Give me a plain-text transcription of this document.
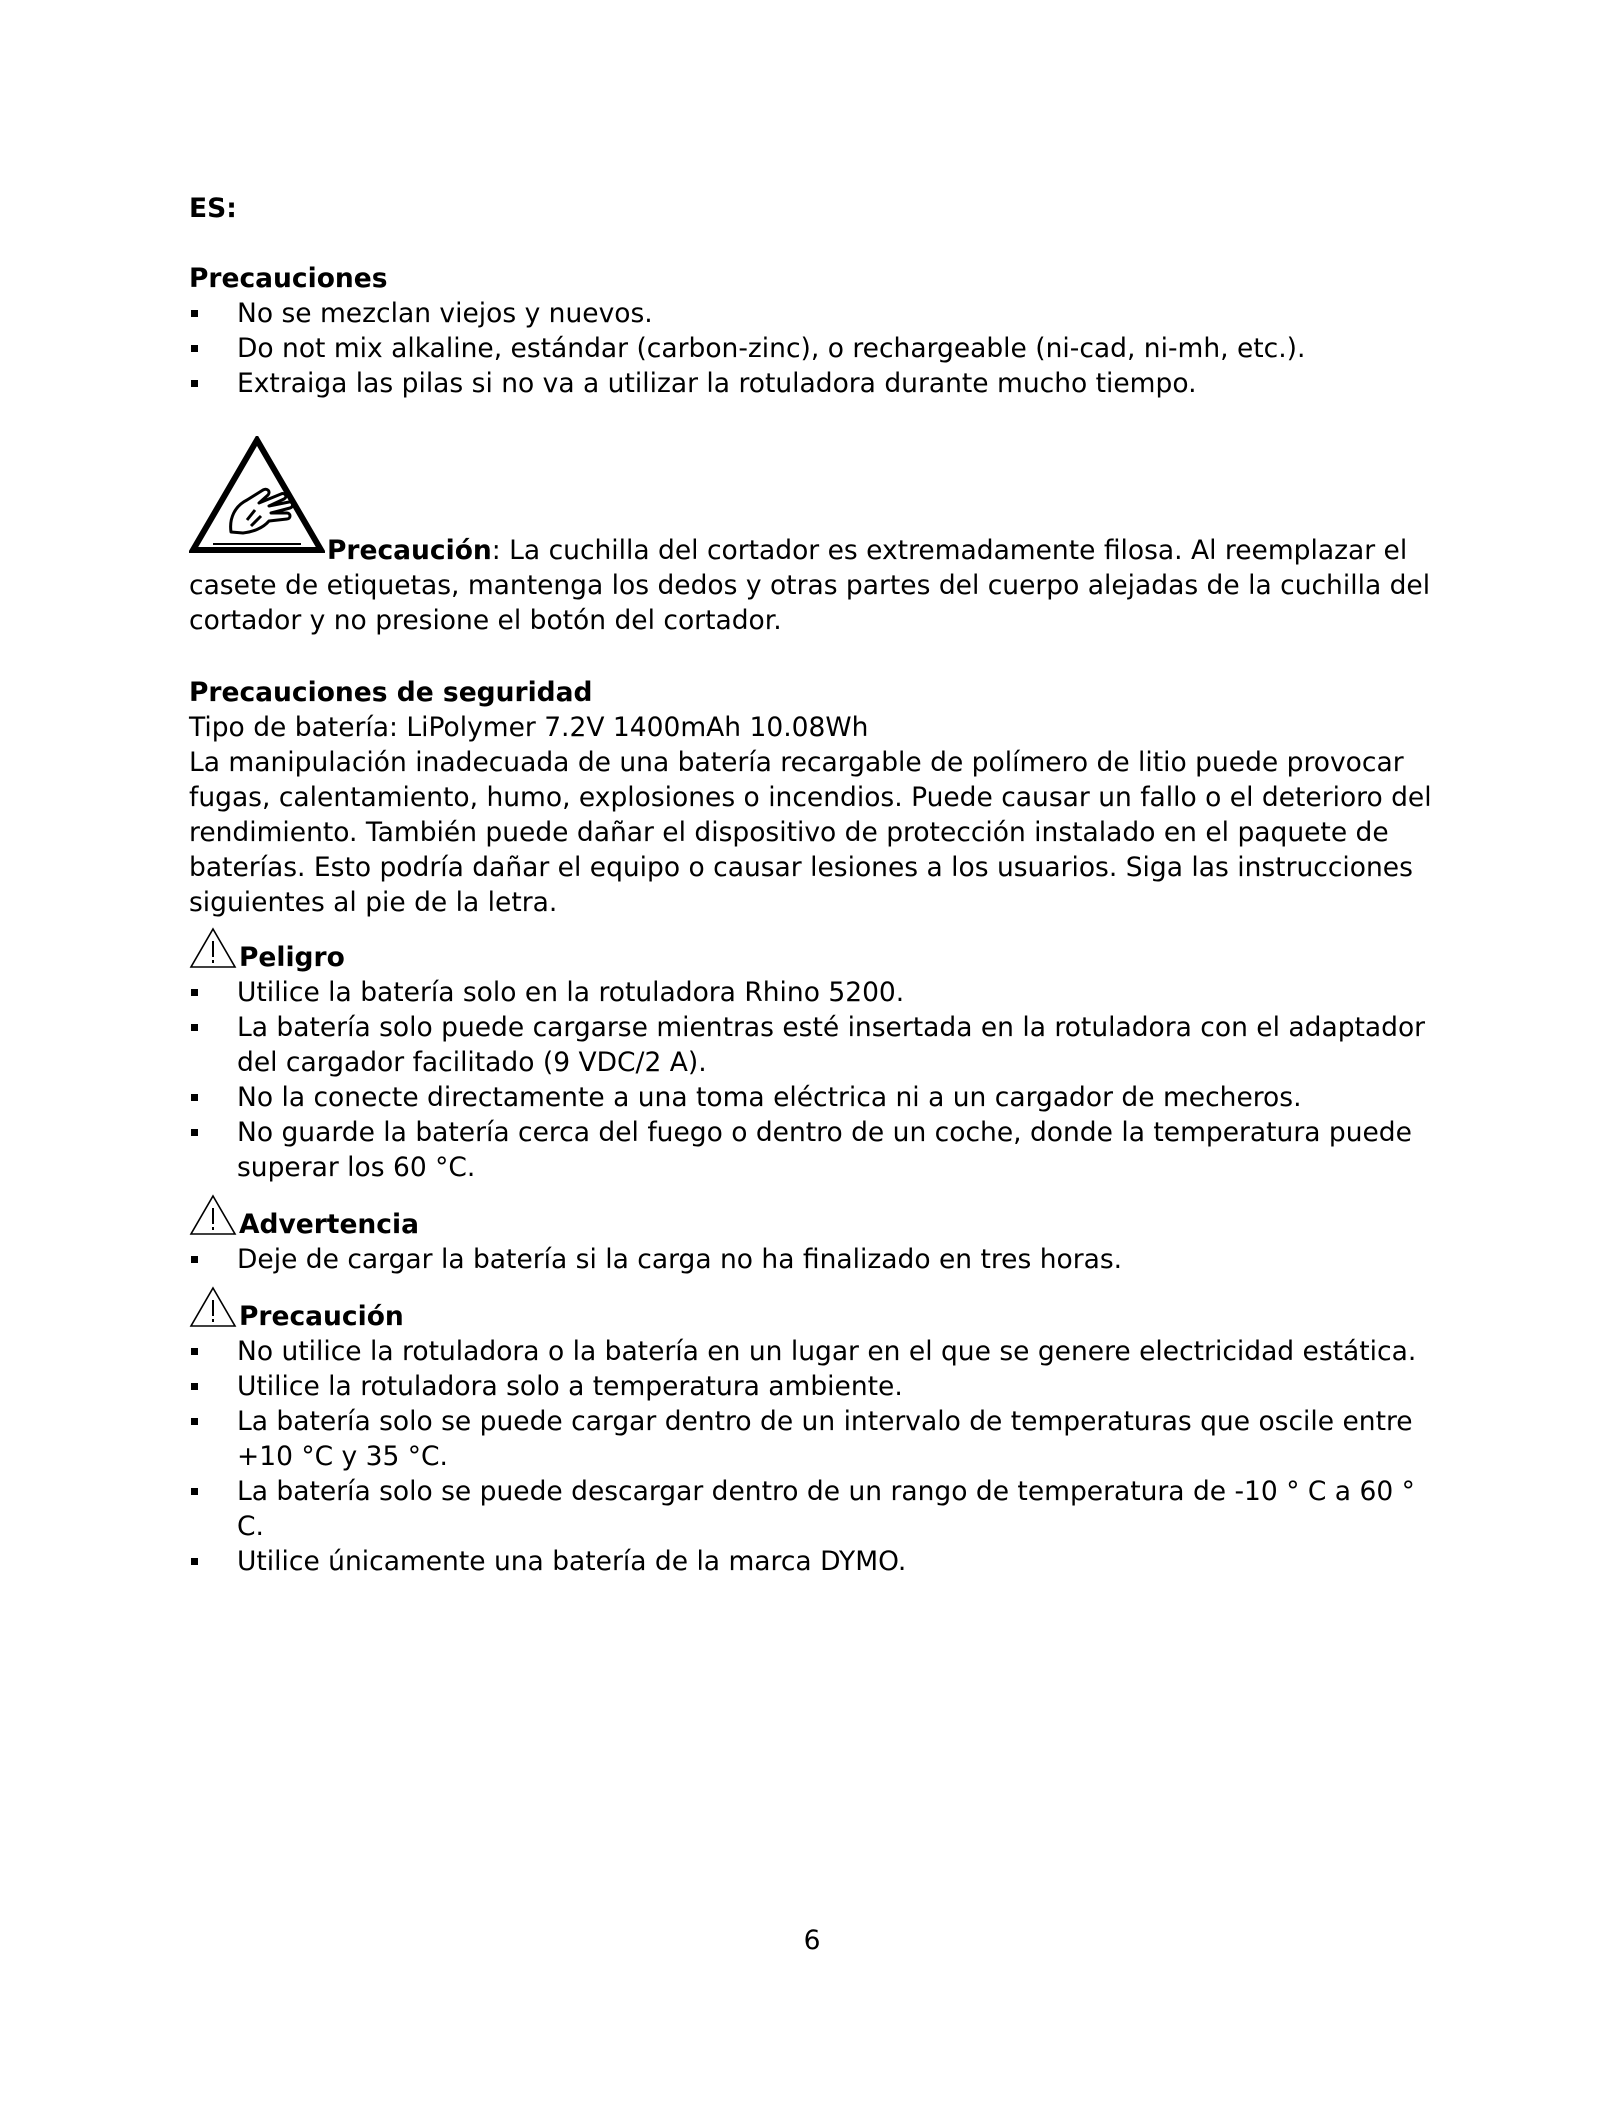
ES:
Precauciones
No se mezclan viejos y nuevos.
Do not mix alkaline, estándar (carbon-zinc), o rechargeable (ni-cad, ni-mh, etc.).
Extraiga las pilas si no va a utilizar la rotuladora durante mucho tiempo.

Precaución: La cuchilla del cortador es extremadamente filosa. Al reemplazar el casete de etiquetas, mantenga los dedos y otras partes del cuerpo alejadas de la cuchilla del cortador y no presione el botón del cortador.

Precauciones de seguridad
Tipo de batería: LiPolymer 7.2V 1400mAh 10.08Wh

La manipulación inadecuada de una batería recargable de polímero de litio puede provocar fugas, calentamiento, humo, explosiones o incendios. Puede causar un fallo o el deterioro del rendimiento. También puede dañar el dispositivo de protección instalado en el paquete de baterías. Esto podría dañar el equipo o causar lesiones a los usuarios. Siga las instrucciones siguientes al pie de la letra.

Peligro
Utilice la batería solo en la rotuladora Rhino 5200.
La batería solo puede cargarse mientras esté insertada en la rotuladora con el adaptador del cargador facilitado (9 VDC/2 A).
No la conecte directamente a una toma eléctrica ni a un cargador de mecheros.
No guarde la batería cerca del fuego o dentro de un coche, donde la temperatura puede superar los 60 °C.
Advertencia
Deje de cargar la batería si la carga no ha finalizado en tres horas.
Precaución
No utilice la rotuladora o la batería en un lugar en el que se genere electricidad estática.
Utilice la rotuladora solo a temperatura ambiente.
La batería solo se puede cargar dentro de un intervalo de temperaturas que oscile entre +10 °C y 35 °C.
La batería solo se puede descargar dentro de un rango de temperatura de -10 ° C a 60 ° C.
Utilice únicamente una batería de la marca DYMO.
6
